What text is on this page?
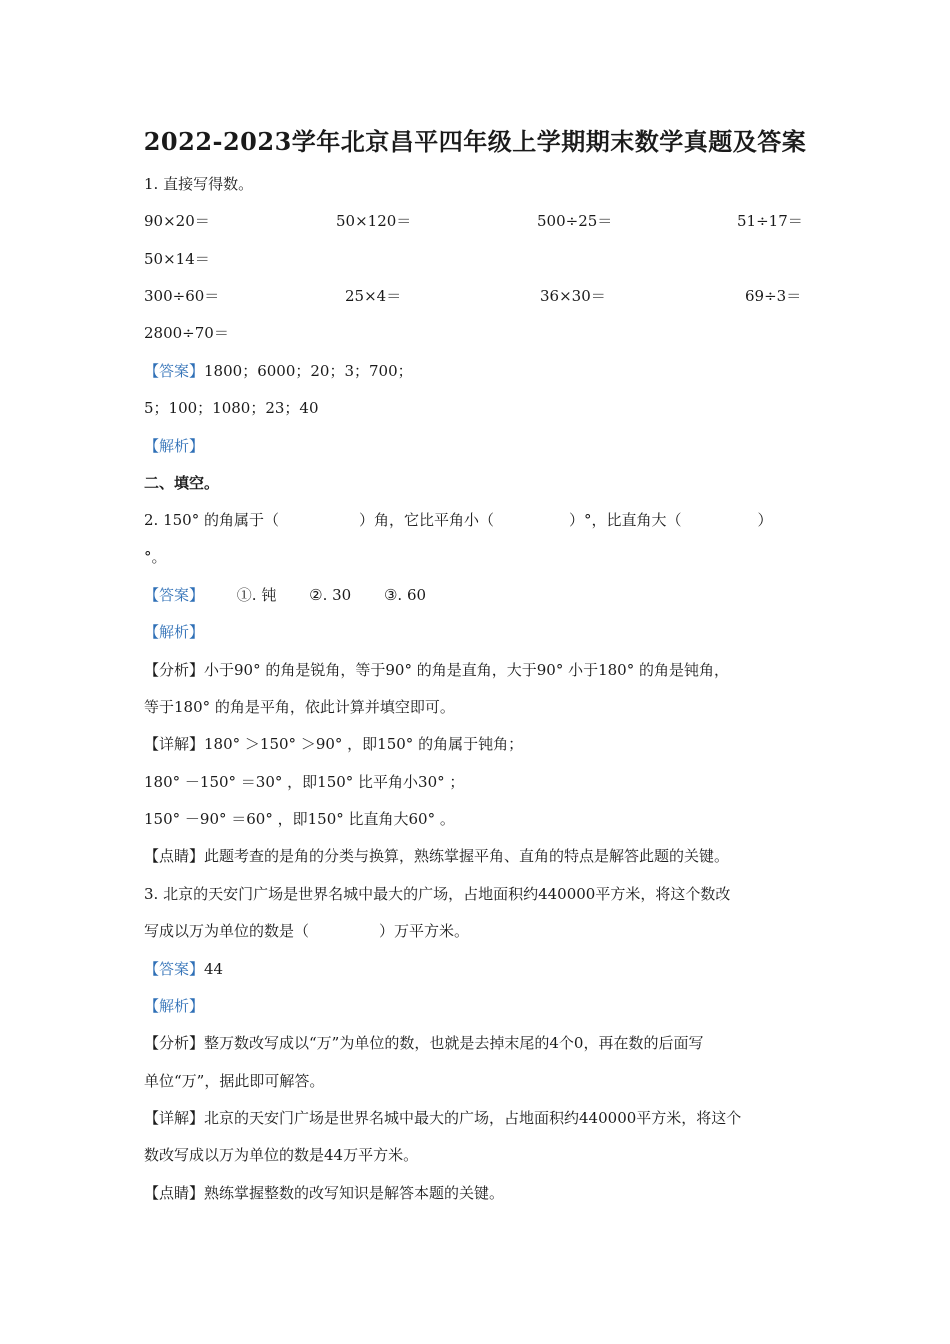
2022-2023学年北京昌平四年级上学期期末数学真题及答案
1. 直接写得数。
90×20＝	50×120＝	500÷25＝	51÷17＝
50×14＝
300÷60＝	25×4＝	36×30＝	69÷3＝
2800÷70＝
【答案】1800；6000；20；3；700；
5；100；1080；23；40
【解析】
二、填空。
2. 150° 的角属于（	）角，它比平角小（	）°，比直角大（	）
°。
【答案】 ①. 钝 ②. 30 ③. 60
【解析】
【分析】小于90° 的角是锐角，等于90° 的角是直角，大于90° 小于180° 的角是钝角，
等于180° 的角是平角，依此计算并填空即可。
【详解】180° ＞150° ＞90° ，即150° 的角属于钝角；
180° －150° ＝30° ，即150° 比平角小30° ；
150° －90° ＝60° ，即150° 比直角大60° 。
【点睛】此题考查的是角的分类与换算，熟练掌握平角、直角的特点是解答此题的关键。
3. 北京的天安门广场是世界名城中最大的广场，占地面积约440000平方米，将这个数改
写成以万为单位的数是（	）万平方米。
【答案】44
【解析】
【分析】整万数改写成以“万”为单位的数，也就是去掉末尾的4个0，再在数的后面写
单位“万”，据此即可解答。
【详解】北京的天安门广场是世界名城中最大的广场，占地面积约440000平方米，将这个
数改写成以万为单位的数是44万平方米。
【点睛】熟练掌握整数的改写知识是解答本题的关键。
